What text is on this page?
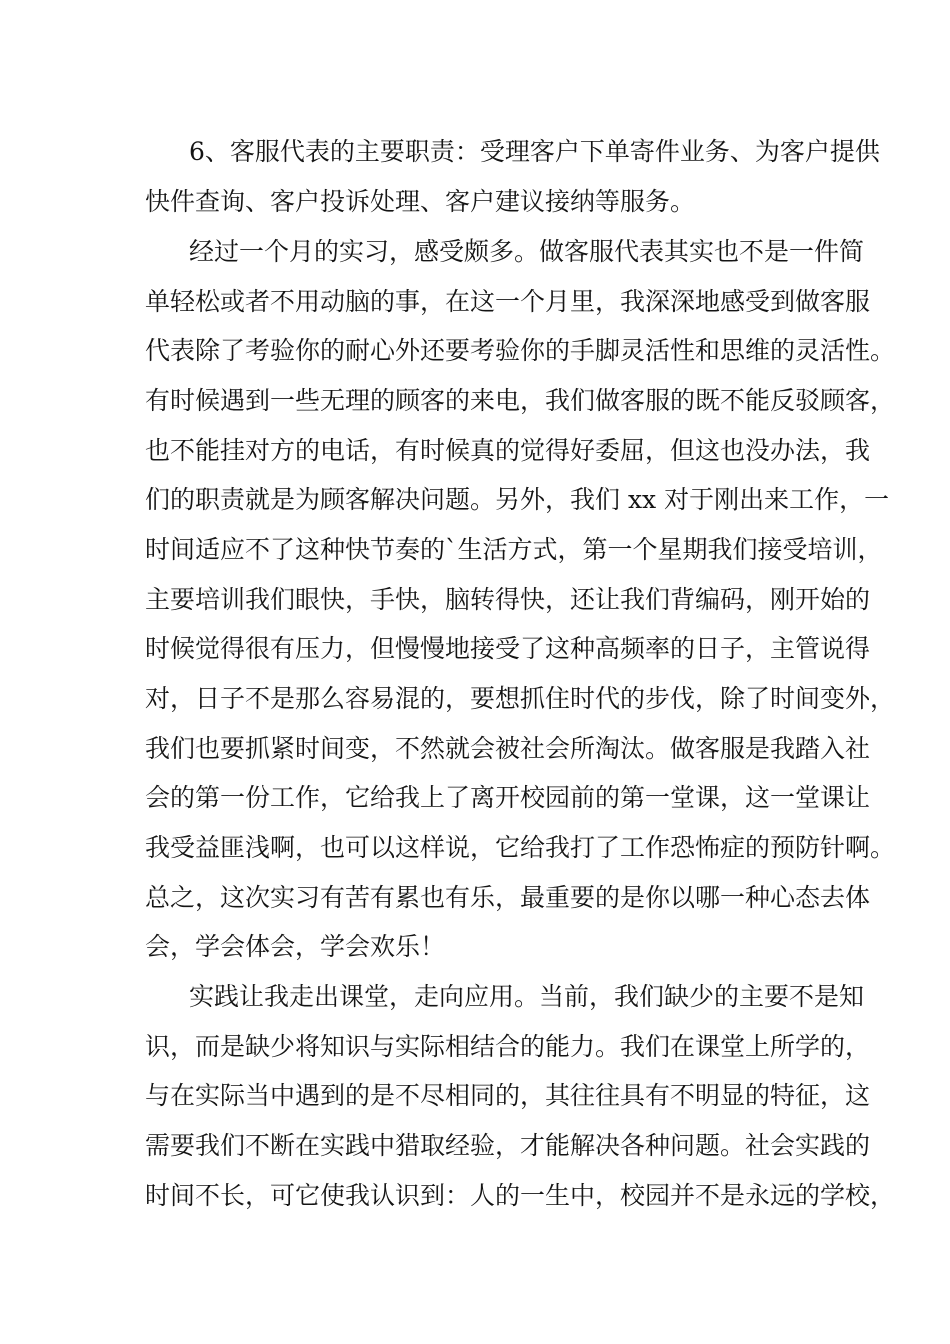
6、客服代表的主要职责：受理客户下单寄件业务、为客户提供

快件查询、客户投诉处理、客户建议接纳等服务。

经过一个月的实习，感受颇多。做客服代表其实也不是一件简

单轻松或者不用动脑的事，在这一个月里，我深深地感受到做客服

代表除了考验你的耐心外还要考验你的手脚灵活性和思维的灵活性。

有时候遇到一些无理的顾客的来电，我们做客服的既不能反驳顾客，

也不能挂对方的电话，有时候真的觉得好委屈，但这也没办法，我

们的职责就是为顾客解决问题。另外，我们 xx 对于刚出来工作，一

时间适应不了这种快节奏的`生活方式，第一个星期我们接受培训，

主要培训我们眼快，手快，脑转得快，还让我们背编码，刚开始的

时候觉得很有压力，但慢慢地接受了这种高频率的日子，主管说得

对，日子不是那么容易混的，要想抓住时代的步伐，除了时间变外，

我们也要抓紧时间变，不然就会被社会所淘汰。做客服是我踏入社

会的第一份工作，它给我上了离开校园前的第一堂课，这一堂课让

我受益匪浅啊，也可以这样说，它给我打了工作恐怖症的预防针啊。

总之，这次实习有苦有累也有乐，最重要的是你以哪一种心态去体

会，学会体会，学会欢乐！

实践让我走出课堂，走向应用。当前，我们缺少的主要不是知

识，而是缺少将知识与实际相结合的能力。我们在课堂上所学的，

与在实际当中遇到的是不尽相同的，其往往具有不明显的特征，这

需要我们不断在实践中猎取经验，才能解决各种问题。社会实践的

时间不长，可它使我认识到：人的一生中，校园并不是永远的学校，
